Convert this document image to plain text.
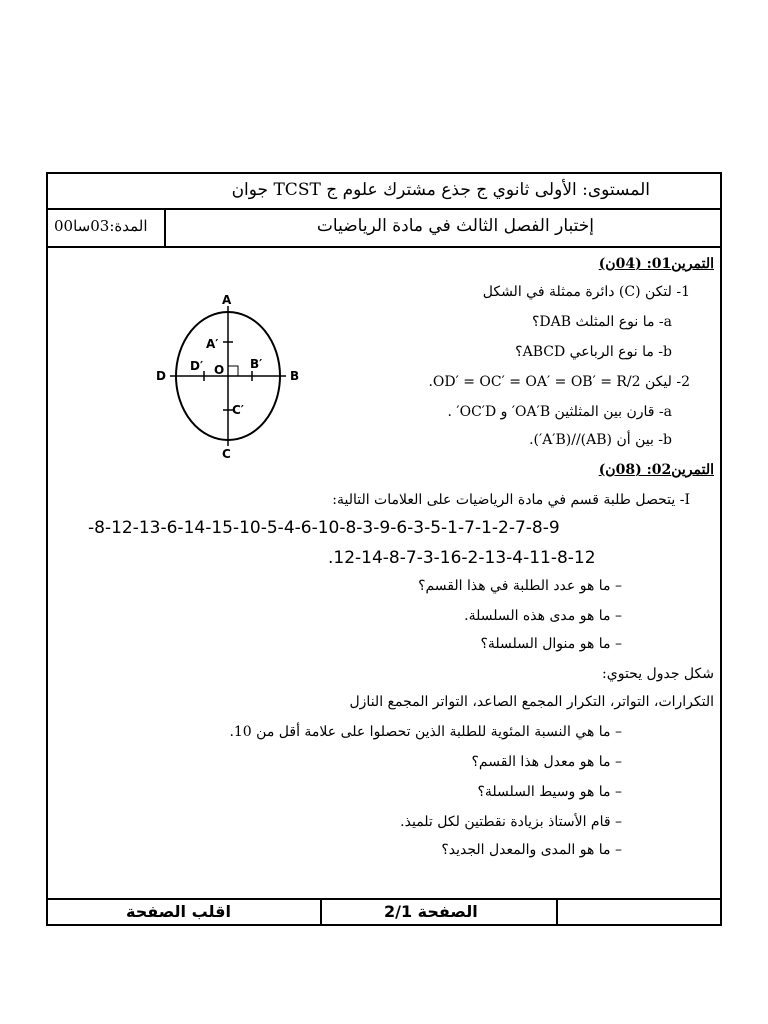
المستوى: الأولى ثانوي ج جذع مشترك علوم ج TCST جوان
إختبار الفصل الثالث في مادة الرياضيات
المدة:03سا00
التمرين01: (04ن)
1- لتكن (C) دائرة ممثلة في الشكل
a- ما نوع المثلث DAB؟
b- ما نوع الرباعي ABCD؟
2- ليكن OD′ = OC′ = OA′ = OB′ = R/2.
a- قارن بين المثلثين OA′B′ و OC′D′ .
b- بين أن (AB)//(A′B′).
A
C
D	B
A′
C′
D′	B′
O
التمرين02: (08ن)
I- يتحصل طلبة قسم في مادة الرياضيات على العلامات التالية:
-8-12-13-6-14-15-10-5-4-6-10-8-3-9-6-3-5-1-7-1-2-7-8-9
.12-14-8-7-3-16-2-13-4-11-8-12
– ما هو عدد الطلبة في هذا القسم؟
– ما هو مدى هذه السلسلة.
– ما هو منوال السلسلة؟
شكل جدول يحتوي:
التكرارات، التواتر، التكرار المجمع الصاعد، التواتر المجمع النازل
– ما هي النسبة المئوية للطلبة الذين تحصلوا على علامة أقل من 10.
– ما هو معدل هذا القسم؟
– ما هو وسيط السلسلة؟
– قام الأستاذ بزيادة نقطتين لكل تلميذ.
– ما هو المدى والمعدل الجديد؟
اقلب الصفحة	الصفحة 2/1
